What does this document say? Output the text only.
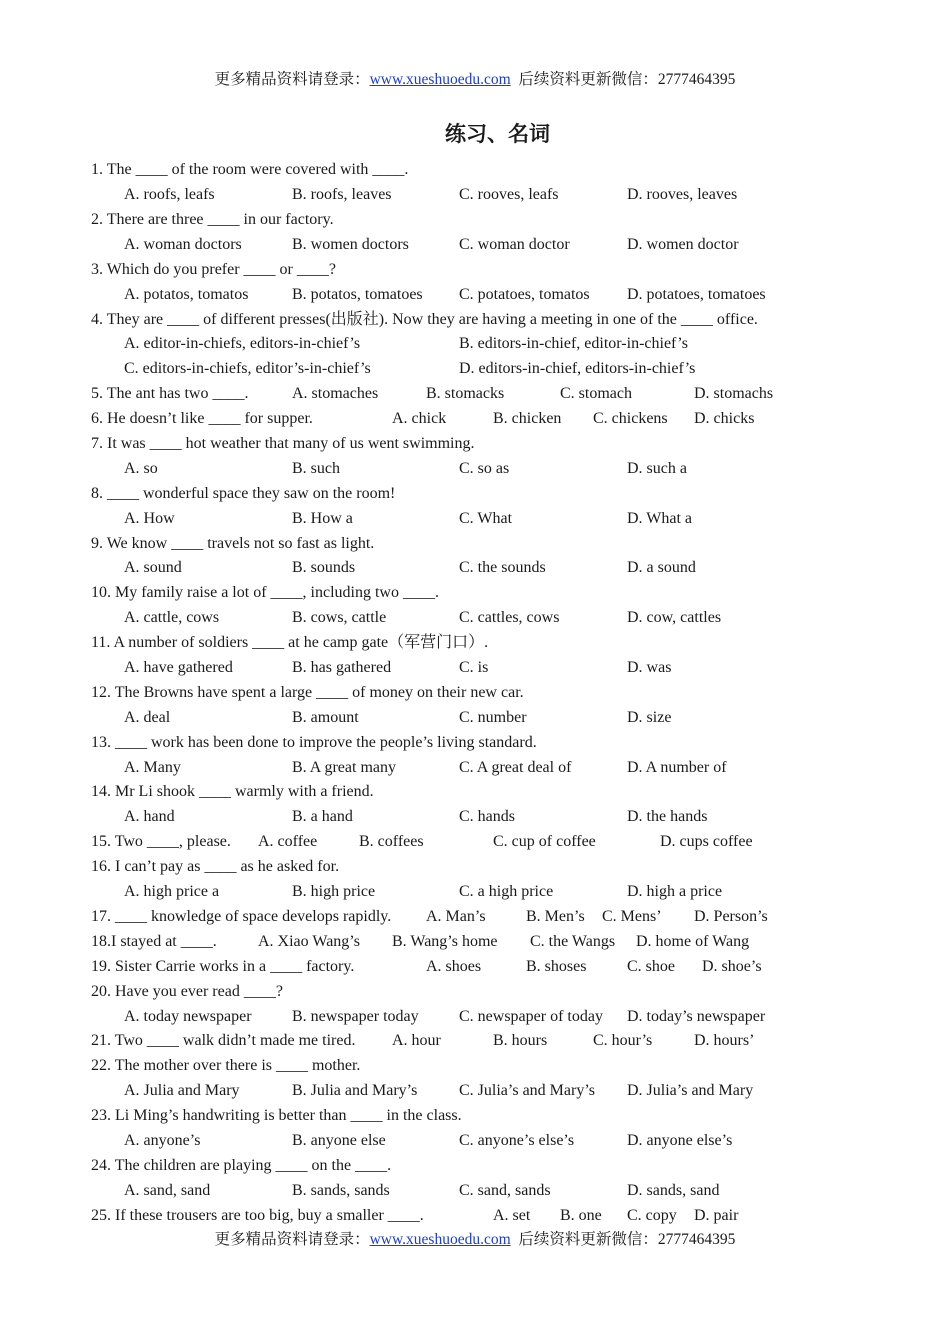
更多精品资料请登录：www.xueshuoedu.com 后续资料更新微信：2777464395
练习、名词
1. The ____ of the room were covered with ____.
A. roofs, leafs	B. roofs, leaves	C. rooves, leafs	D. rooves, leaves
2. There are three ____ in our factory.
A. woman doctors	B. women doctors	C. woman doctor	D. women doctor
3. Which do you prefer ____ or ____?
A. potatos, tomatos	B. potatos, tomatoes C. potatoes, tomatos D. potatoes, tomatoes
4. They are ____ of different presses(出版社). Now they are having a meeting in one of the ____ office.
A. editor-in-chiefs, editors-in-chief’s	B. editors-in-chief, editor-in-chief’s
C. editors-in-chiefs, editor’s-in-chief’s	D. editors-in-chief, editors-in-chief’s
5. The ant has two ____.	A. stomaches	B. stomacks	C. stomach	D. stomachs
6. He doesn’t like ____ for supper.	A. chick	B. chicken C. chickens D. chicks
7. It was ____ hot weather that many of us went swimming.
A. so	B. such	C. so as	D. such a
8. ____ wonderful space they saw on the room!
A. How	B. How a	C. What	D. What a
9. We know ____ travels not so fast as light.
A. sound	B. sounds	C. the sounds	D. a sound
10. My family raise a lot of ____, including two ____.
A. cattle, cows	B. cows, cattle	C. cattles, cows	D. cow, cattles
11. A number of soldiers ____ at he camp gate（军营门口）.
A. have gathered	B. has gathered	C. is	D. was
12. The Browns have spent a large ____ of money on their new car.
A. deal	B. amount	C. number	D. size
13. ____ work has been done to improve the people’s living standard.
A. Many	B. A great many	C. A great deal of	D. A number of
14. Mr Li shook ____ warmly with a friend.
A. hand	B. a hand	C. hands	D. the hands
15. Two ____, please. A. coffee	B. coffees	C. cup of coffee	D. cups coffee
16. I can’t pay as ____ as he asked for.
A. high price a	B. high price	C. a high price	D. high a price
17. ____ knowledge of space develops rapidly. A. Man’s	B. Men’s C. Mens’ D. Person’s
18.I stayed at ____.	A. Xiao Wang’s B. Wang’s home C. the Wangs D. home of Wang
19. Sister Carrie works in a ____ factory.	A. shoes	B. shoses	C. shoe D. shoe’s
20. Have you ever read ____?
A. today newspaper	B. newspaper today	C. newspaper of today D. today’s newspaper
21. Two ____ walk didn’t made me tired. A. hour	B. hours	C. hour’s	D. hours’
22. The mother over there is ____ mother.
A. Julia and Mary	B. Julia and Mary’s	C. Julia’s and Mary’s D. Julia’s and Mary
23. Li Ming’s handwriting is better than ____ in the class.
A. anyone’s	B. anyone else	C. anyone’s else’s	D. anyone else’s
24. The children are playing ____ on the ____.
A. sand, sand	B. sands, sands	C. sand, sands	D. sands, sand
25. If these trousers are too big, buy a smaller ____.	A. set B. one C. copy D. pair
更多精品资料请登录：www.xueshuoedu.com 后续资料更新微信：2777464395
